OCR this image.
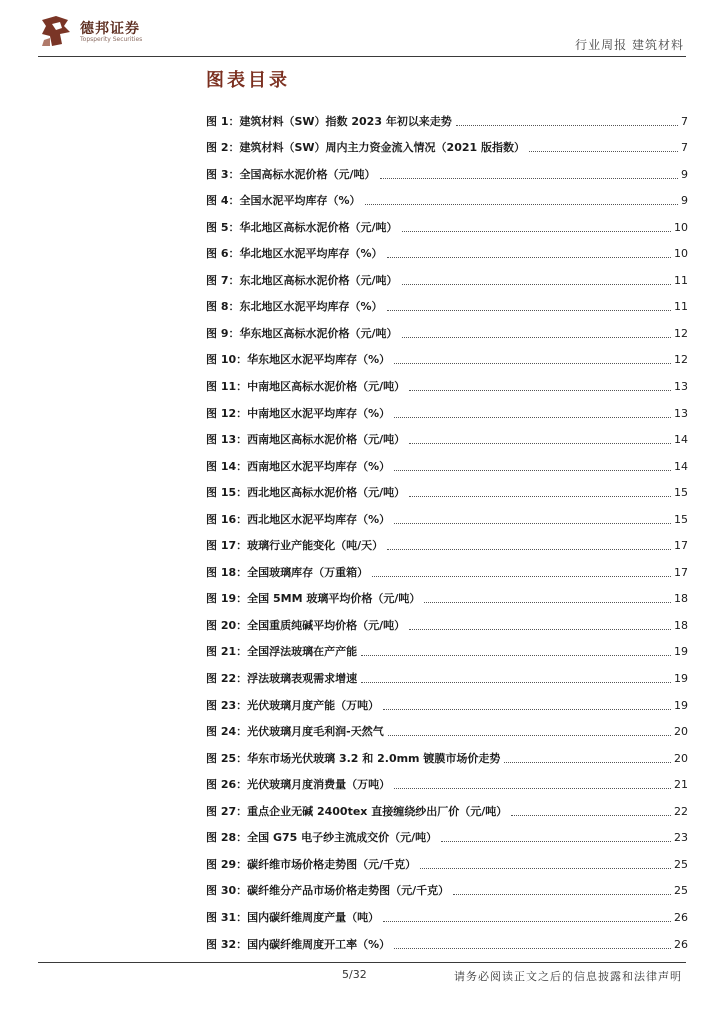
德邦证券
Topsperity Securities	行业周报 建筑材料
图表目录
图 1：建筑材料（SW）指数 2023 年初以来走势	7
图 2：建筑材料（SW）周内主力资金流入情况（2021 版指数）	7
图 3：全国高标水泥价格（元/吨）	9
图 4：全国水泥平均库存（%）	9
图 5：华北地区高标水泥价格（元/吨）	10
图 6：华北地区水泥平均库存（%）	10
图 7：东北地区高标水泥价格（元/吨）	11
图 8：东北地区水泥平均库存（%）	11
图 9：华东地区高标水泥价格（元/吨）	12
图 10：华东地区水泥平均库存（%）	12
图 11：中南地区高标水泥价格（元/吨）	13
图 12：中南地区水泥平均库存（%）	13
图 13：西南地区高标水泥价格（元/吨）	14
图 14：西南地区水泥平均库存（%）	14
图 15：西北地区高标水泥价格（元/吨）	15
图 16：西北地区水泥平均库存（%）	15
图 17：玻璃行业产能变化（吨/天）	17
图 18：全国玻璃库存（万重箱）	17
图 19：全国 5MM 玻璃平均价格（元/吨）	18
图 20：全国重质纯碱平均价格（元/吨）	18
图 21：全国浮法玻璃在产产能	19
图 22：浮法玻璃表观需求增速	19
图 23：光伏玻璃月度产能（万吨）	19
图 24：光伏玻璃月度毛利润-天然气	20
图 25：华东市场光伏玻璃 3.2 和 2.0mm 镀膜市场价走势	20
图 26：光伏玻璃月度消费量（万吨）	21
图 27：重点企业无碱 2400tex 直接缠绕纱出厂价（元/吨）	22
图 28：全国 G75 电子纱主流成交价（元/吨）	23
图 29：碳纤维市场价格走势图（元/千克）	25
图 30：碳纤维分产品市场价格走势图（元/千克）	25
图 31：国内碳纤维周度产量（吨）	26
图 32：国内碳纤维周度开工率（%）	26
5/32	请务必阅读正文之后的信息披露和法律声明
